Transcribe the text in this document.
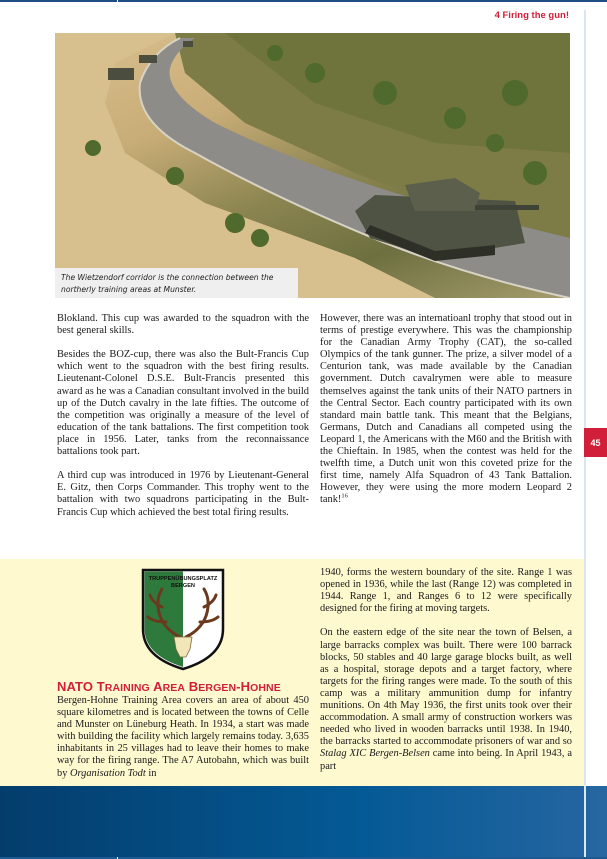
4 Firing the gun!
The Wietzendorf corridor is the connection between the northerly training areas at Munster.

Blokland. This cup was awarded to the squadron with the best general skills.

Besides the BOZ-cup, there was also the Bult-Francis Cup which went to the squadron with the best firing results. Lieutenant-Colonel D.S.E. Bult-Francis presented this award as he was a Canadian consultant involved in the build up of the Dutch cavalry in the late fifties. The outcome of the competition was originally a measure of the level of education of the tank battalions. The first competition took place in 1956. Later, tanks from the reconnaissance battalions took part.

A third cup was introduced in 1976 by Lieutenant-General E. Gitz, then Corps Commander. This trophy went to the battalion with two squadrons participating in the Bult-Francis Cup which achieved the best total firing results.

However, there was an internatioanl trophy that stood out in terms of prestige everywhere. This was the championship for the Canadian Army Trophy (CAT), the so-called Olympics of the tank gunner. The prize, a silver model of a Centurion tank, was made available by the Canadian government. Dutch cavalrymen were able to measure themselves against the tank units of their NATO partners in the Central Sector. Each country participated with its own standard main battle tank. This meant that the Belgians, Germans, Dutch and Canadians all competed using the Leopard 1, the Americans with the M60 and the British with the Chieftain. In 1985, when the contest was held for the twelfth time, a Dutch unit won this coveted prize for the first time, namely Alfa Squadron of 43 Tank Battalion. However, they were using the more modern Leopard 2 tank!$^{16}$

45
TRUPPENÜBUNGSPLATZ
BERGEN
NATO TRAINING AREA BERGEN-HOHNE

Bergen-Hohne Training Area covers an area of about 450 square kilometres and is located between the towns of Celle and Munster on Lüneburg Heath. In 1934, a start was made with building the facility which largely remains today. 3,635 inhabitants in 25 villages had to leave their homes to make way for the firing range. The A7 Autobahn, which was built by Organisation Todt in

1940, forms the western boundary of the site. Range 1 was opened in 1936, while the last (Range 12) was completed in 1944. Range 1, and Ranges 6 to 12 were specifically designed for the firing at moving targets.

On the eastern edge of the site near the town of Belsen, a large barracks complex was built. There were 100 barrack blocks, 50 stables and 40 large garage blocks built, as well as a hospital, storage depots and a target factory, where targets for the firing ranges were made. To the south of this camp was a military ammunition dump for infantry munitions. On 4th May 1936, the first units took over their accommodation. A small army of construction workers was needed who lived in wooden barracks until 1938. In 1940, the barracks started to accommodate prisoners of war and so Stalag XIC Bergen-Belsen came into being. In April 1943, a part
